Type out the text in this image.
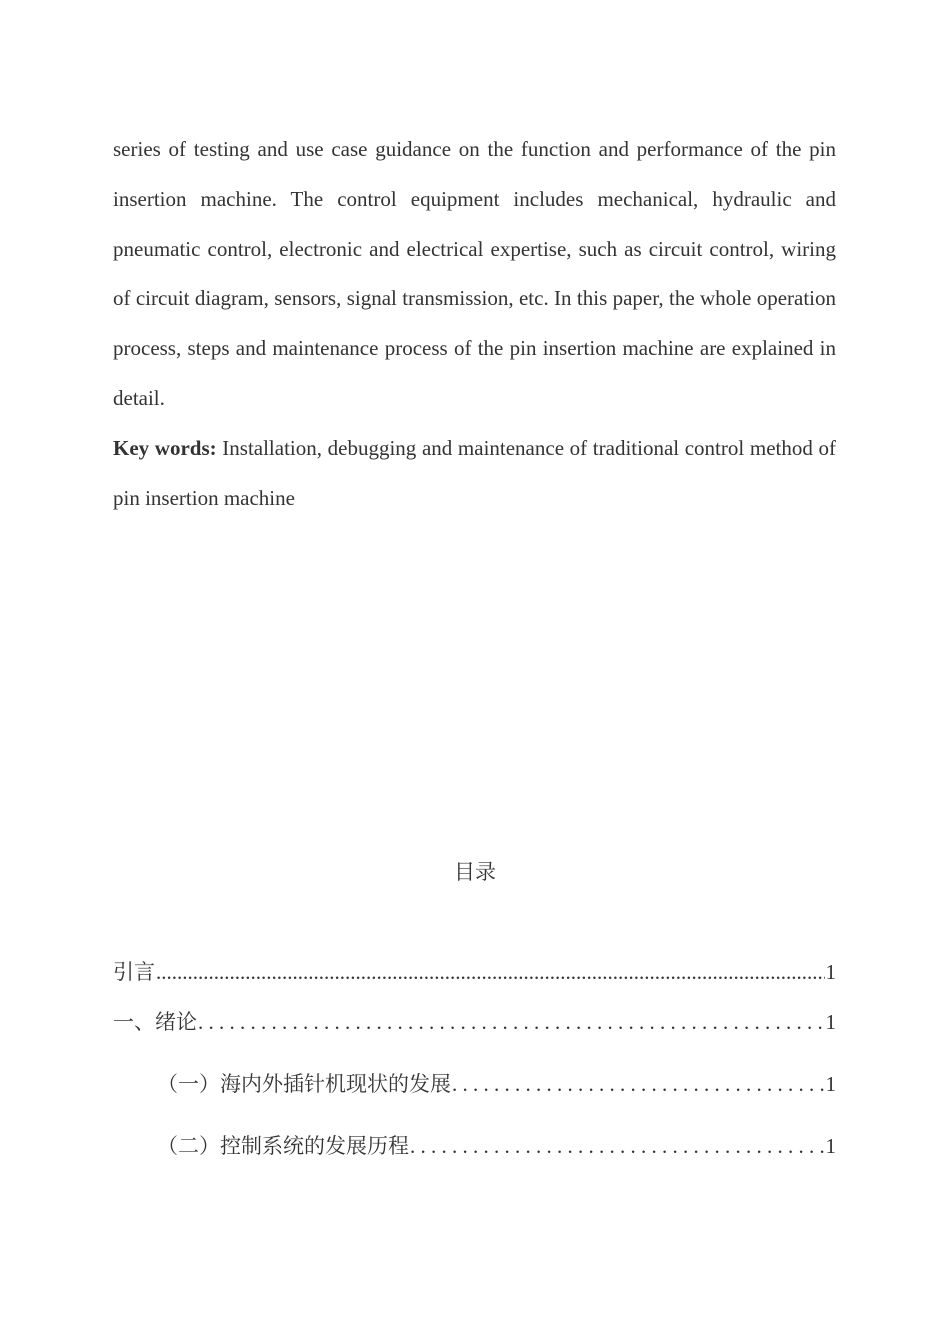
series of testing and use case guidance on the function and performance of the pin insertion machine. The control equipment includes mechanical, hydraulic and pneumatic control, electronic and electrical expertise, such as circuit control, wiring of circuit diagram, sensors, signal transmission, etc. In this paper, the whole operation process, steps and maintenance process of the pin insertion machine are explained in detail.

Key words: Installation, debugging and maintenance of traditional control method of pin insertion machine

目录
引言 .....	1
一、绪论 . . .	1
（一）海内外插针机现状的发展 . . .	1
（二）控制系统的发展历程 . . .	1
